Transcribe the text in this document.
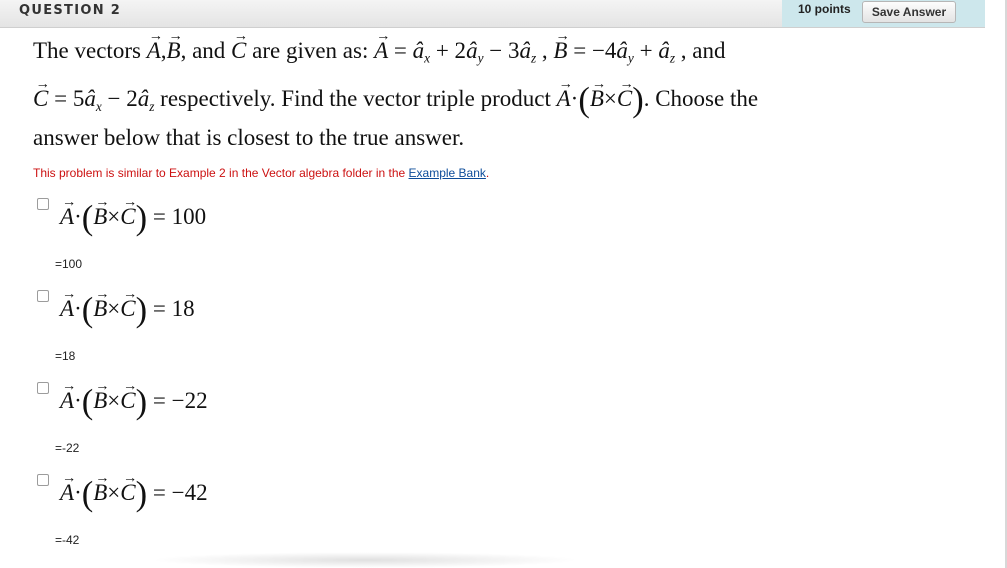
QUESTION 2	10 points	Save Answer
The vectors → A,→ B, and → C are given as: → $A = â_x$ + $2â_y$ − $3â_z$ , → $B = -4â_y$ + $â_z$ , and
→ $C = 5â_x$ − $2â_z$ respectively. Find the vector triple product → A·(→ B×→ C). Choose the
answer below that is closest to the true answer.
This problem is similar to Example 2 in the Vector algebra folder in the Example Bank.
→ A·(→ B×→ C) = 100
=100
→ A·(→ B×→ C) = 18
=18
→ A·(→ B×→ C) = −22
=-22
→ A·(→ B×→ C) = −42
=-42
